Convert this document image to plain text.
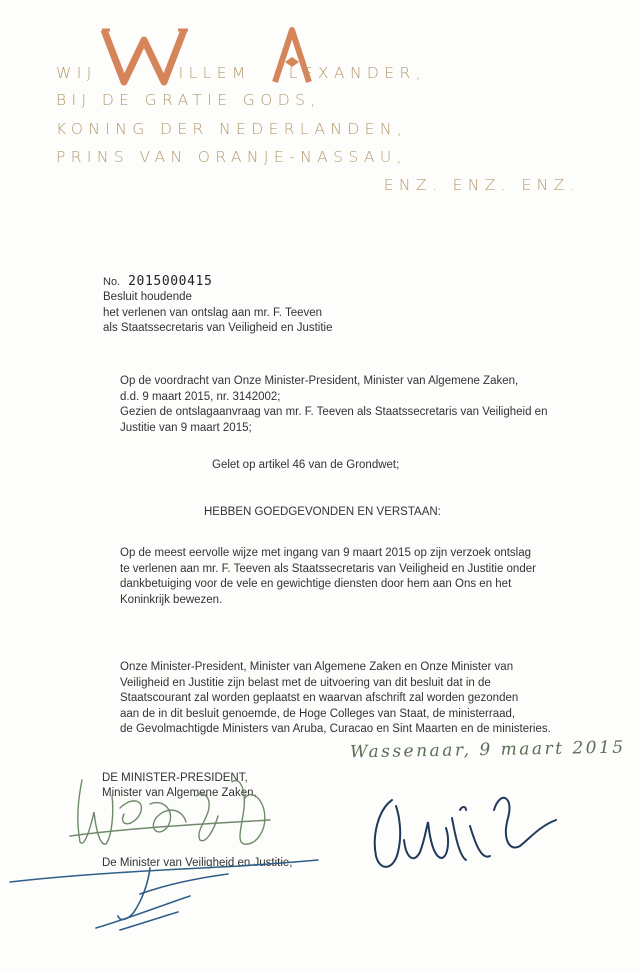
WIJ	ILLEM LEXANDER,
BIJ DE GRATIE GODS,
KONING DER NEDERLANDEN,
PRINS VAN ORANJE-NASSAU,
ENZ. ENZ. ENZ.
No. 2015000415
Besluit houdende
het verlenen van ontslag aan mr. F. Teeven
als Staatssecretaris van Veiligheid en Justitie
Op de voordracht van Onze Minister-President, Minister van Algemene Zaken,
d.d. 9 maart 2015, nr. 3142002;
Gezien de ontslagaanvraag van mr. F. Teeven als Staatssecretaris van Veiligheid en
Justitie van 9 maart 2015;
Gelet op artikel 46 van de Grondwet;
HEBBEN GOEDGEVONDEN EN VERSTAAN:
Op de meest eervolle wijze met ingang van 9 maart 2015 op zijn verzoek ontslag
te verlenen aan mr. F. Teeven als Staatssecretaris van Veiligheid en Justitie onder
dankbetuiging voor de vele en gewichtige diensten door hem aan Ons en het
Koninkrijk bewezen.
Onze Minister-President, Minister van Algemene Zaken en Onze Minister van
Veiligheid en Justitie zijn belast met de uitvoering van dit besluit dat in de
Staatscourant zal worden geplaatst en waarvan afschrift zal worden gezonden
aan de in dit besluit genoemde, de Hoge Colleges van Staat, de ministerraad,
de Gevolmachtigde Ministers van Aruba, Curacao en Sint Maarten en de ministeries.
Wassenaar, 9 maart 2015
DE MINISTER-PRESIDENT,
Minister van Algemene Zaken,
De Minister van Veiligheid en Justitie,
